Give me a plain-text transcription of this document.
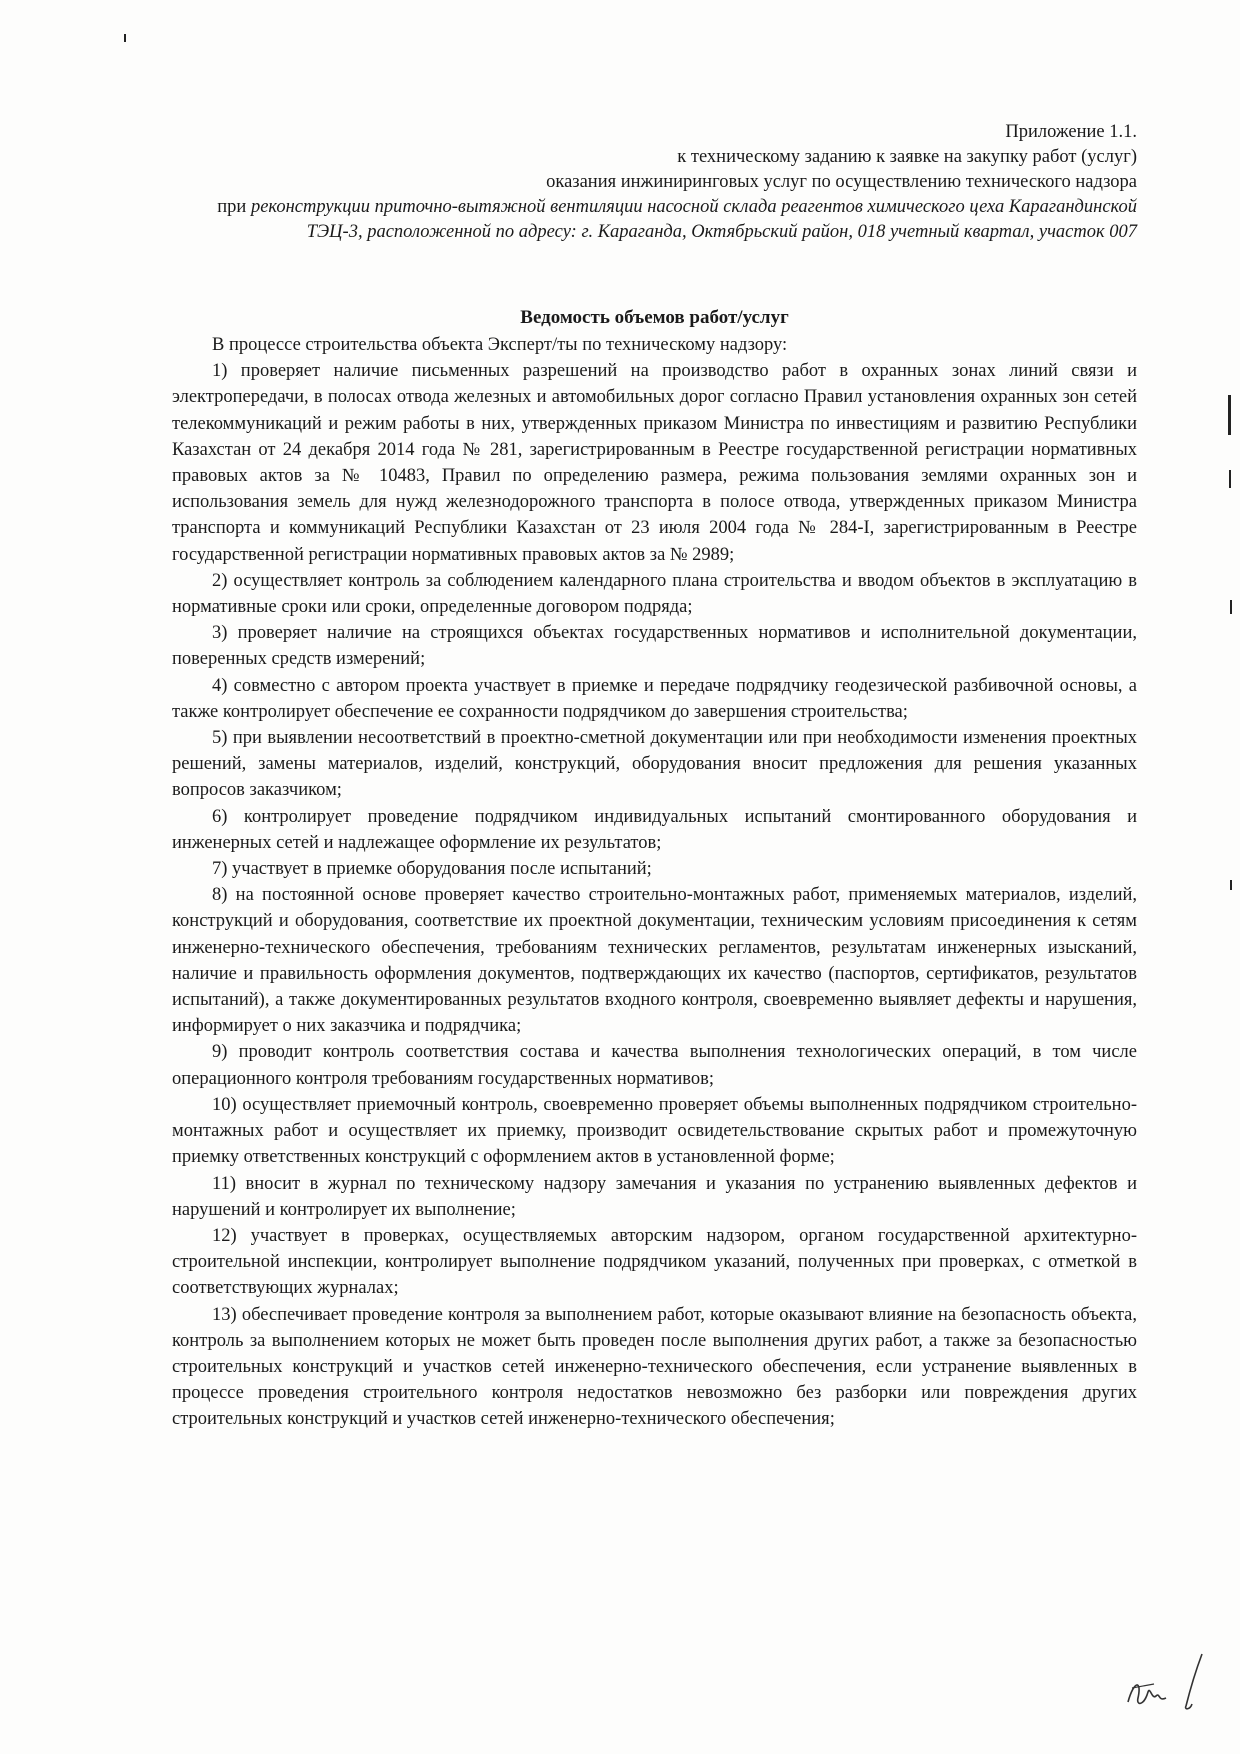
Приложение 1.1.
к техническому заданию к заявке на закупку работ (услуг)
оказания инжиниринговых услуг по осуществлению технического надзора
при реконструкции приточно-вытяжной вентиляции насосной склада реагентов химического цеха Карагандинской ТЭЦ-3, расположенной по адресу: г. Караганда, Октябрьский район, 018 учетный квартал, участок 007
Ведомость объемов работ/услуг

В процессе строительства объекта Эксперт/ты по техническому надзору:

1) проверяет наличие письменных разрешений на производство работ в охранных зонах линий связи и электропередачи, в полосах отвода железных и автомобильных дорог согласно Правил установления охранных зон сетей телекоммуникаций и режим работы в них, утвержденных приказом Министра по инвестициям и развитию Республики Казахстан от 24 декабря 2014 года № 281, зарегистрированным в Реестре государственной регистрации нормативных правовых актов за № 10483, Правил по определению размера, режима пользования землями охранных зон и использования земель для нужд железнодорожного транспорта в полосе отвода, утвержденных приказом Министра транспорта и коммуникаций Республики Казахстан от 23 июля 2004 года № 284-I, зарегистрированным в Реестре государственной регистрации нормативных правовых актов за № 2989;

2) осуществляет контроль за соблюдением календарного плана строительства и вводом объектов в эксплуатацию в нормативные сроки или сроки, определенные договором подряда;

3) проверяет наличие на строящихся объектах государственных нормативов и исполнительной документации, поверенных средств измерений;

4) совместно с автором проекта участвует в приемке и передаче подрядчику геодезической разбивочной основы, а также контролирует обеспечение ее сохранности подрядчиком до завершения строительства;

5) при выявлении несоответствий в проектно-сметной документации или при необходимости изменения проектных решений, замены материалов, изделий, конструкций, оборудования вносит предложения для решения указанных вопросов заказчиком;

6) контролирует проведение подрядчиком индивидуальных испытаний смонтированного оборудования и инженерных сетей и надлежащее оформление их результатов;

7) участвует в приемке оборудования после испытаний;

8) на постоянной основе проверяет качество строительно-монтажных работ, применяемых материалов, изделий, конструкций и оборудования, соответствие их проектной документации, техническим условиям присоединения к сетям инженерно-технического обеспечения, требованиям технических регламентов, результатам инженерных изысканий, наличие и правильность оформления документов, подтверждающих их качество (паспортов, сертификатов, результатов испытаний), а также документированных результатов входного контроля, своевременно выявляет дефекты и нарушения, информирует о них заказчика и подрядчика;

9) проводит контроль соответствия состава и качества выполнения технологических операций, в том числе операционного контроля требованиям государственных нормативов;

10) осуществляет приемочный контроль, своевременно проверяет объемы выполненных подрядчиком строительно-монтажных работ и осуществляет их приемку, производит освидетельствование скрытых работ и промежуточную приемку ответственных конструкций с оформлением актов в установленной форме;

11) вносит в журнал по техническому надзору замечания и указания по устранению выявленных дефектов и нарушений и контролирует их выполнение;

12) участвует в проверках, осуществляемых авторским надзором, органом государственной архитектурно-строительной инспекции, контролирует выполнение подрядчиком указаний, полученных при проверках, с отметкой в соответствующих журналах;

13) обеспечивает проведение контроля за выполнением работ, которые оказывают влияние на безопасность объекта, контроль за выполнением которых не может быть проведен после выполнения других работ, а также за безопасностью строительных конструкций и участков сетей инженерно-технического обеспечения, если устранение выявленных в процессе проведения строительного контроля недостатков невозможно без разборки или повреждения других строительных конструкций и участков сетей инженерно-технического обеспечения;
